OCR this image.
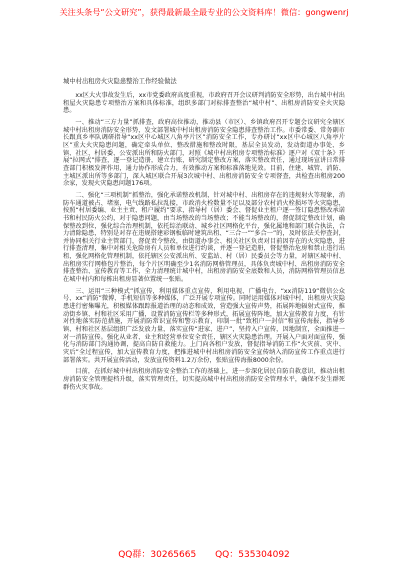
关注头条号“公文研究”，获得最新最全最专业的公文资料库！微信：gongwenrj
城中村出租房火灾隐患整治工作经验做法

xx区大火事故发生后，xx市党委政府高度重视，市政府召开会议研判消防安全形势，出台城中村出租屋火灾隐患专项整治方案和具体标准，组织多部门对标排查整治“城中村”、出租房消防安全火灾隐患。

一、推动“三方力量”抓排查，政府高位推动，推动县（市区）、乡镇政府召开专题会议研究全辖区城中村出租房消防安全形势，发文部署城中村出租房消防安全隐患排查整治工作。市委常委、常务副市长跟真乡率队调研指导“xx区中心城区八角亭片区”消防安全工作，专办研讨“xx区中心城区八角亭片区”重大火灾隐患问题，确定牵头单位、整改措施和整改时限，基层全员发动，发动街道办事处、乡镇、社区、村居委、公安派出所和防火部门，对照《城中村出租房专项整治标准》逐户对《双十条》开展“拉网式”排查，逐一登记造册，建立台账，研究制定整改方案，落实整改责任，通过现场宣讲日常排查部门积极发挥作用，通力协作形成合力，有效推动方案和标准落地见效。目前，住建、城管、消防、主城区派出所等多部门，深入城区联合开展3次城中村、出租房消防安全专项督查，共检查出租房200余家，发现火灾隐患问题176项。

二、强化“三项机制”抓整治，强化承诺整改机制，针对城中村、出租房存在的违规射火等现象，消防车通道被占、堵塞，电气线路私拉乱接，市政消火栓数量不足以及部分农村消火栓损坏等火灾隐患，按照“村居委编、业主主责、租户履约”要求，指导村（居）委会、督促业主租户逐一签订隐患整改承诺书和村民防火公约，对于隐患问题，由当场整改的当场整改；不能当场整改的，督促制定整改计划，确保整改到位，强化综合治理机制，依托综治联动、城乡社区网格化平台，强化属地和部门联合执法，合力清除隐患，特别是对存在违规搭建彩钢板临时建筑出租、“三合一”“多合一”的，及时依法关停查封，并协同相关行业主管部门，督促责令整改，由街道办事会、相关社区负责对目前因存在的火灾隐患，进行排查清理，集中对相关危险房有人员和单位进行约谈，并逐一登记造册，督促整治危房和禁止违行出租，强化网格化管理机制，依托辖区公安派出所、安监站、村（居）民委员会等力量，对辖区城中村、出租房实行网格包片整治，每个片区明确至少1名消防网格管理员，具体负责城中村、出租房消防安全排查整治、宣传教育等工作，全力清理统计城中村，出租房消防安全底数和人员，消防网格管理员信息在城中村内和每栋出租房显著位置统一张贴。

三、运用“三种模式”抓宣传，利用媒体重点宣传，利用电视、广播电台、“xx消防119”微信公众号、xx“消防”微博、手机短信等多种媒体，广泛开展专项宣传。同时运用媒体对城中村、出租房火灾隐患进行密集曝光，积极媒体跟踪报道治理的动态和成效，营造强大宣传声势，拓展阵地辐射式宣传，推动街乡镇、村和社区采用广播，设置消防宣传栏等多种形式，拓展宣传阵地，加大宣传教育力度，有针对性地落实防范措施，开展消防常识宣传和警示教育，印制一批“致租户一封信”和宣传海报，指导乡镇、村和社区基层组织广泛发放力量，落实宣传“进家、进户”，坚持入户宣传，因地制宜，全面推进一对一消防宣传。强化从业者、业主和经营单位安全责任，辖区火灾隐患治理。开展入户面对面宣传，强化与消防部门沟通协调，提高自防自救能力。上门向各租户发放，督促指导消防工作“火灾前、灾中、灾后”全过程宣传，加大宣传教育力度，把推进城中村出租房消防安全宣传纳入消防宣传工作重点进行部署落实。共开展宣传活动，发放宣传资料1.2万余份，张贴宣传海报8000余份。

目前，在抓好城中村出租房消防安全整治工作的基础上，进一步深化居民自防自救意识，推动出租房消防安全管理提档升级，落实管理责任，切实提高城中村出租房消防安全管理水平，确保不发生群死群伤火灾事故。

QQ群：30265665 QQ：535304092
